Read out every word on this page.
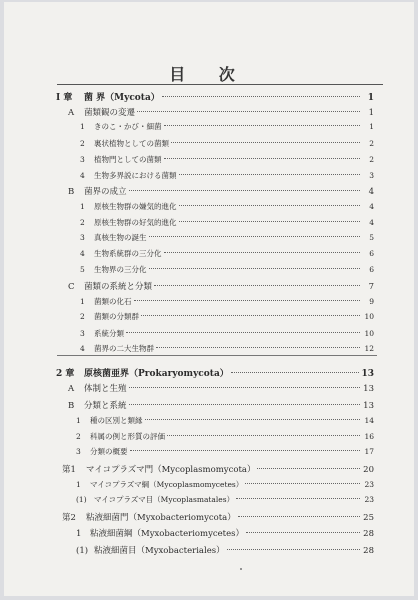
目 次
I 章	菌 界（Mycota）	1
A	菌類観の変遷	1
1	きのこ・かび・細菌	1
2	裏状植物としての菌類	2
3	植物門としての菌類	2
4	生物多界説における菌類	3
B	菌界の成立	4
1	原核生物群の嫌気的進化	4
2	原核生物群の好気的進化	4
3	真核生物の誕生	5
4	生物系統群の三分化	6
5	生物界の三分化	6
C	菌類の系統と分類	7
1	菌類の化石	9
2	菌類の分類群	10
3	系統分類	10
4	菌界の二大生物群	12
2 章	原核菌亜界（Prokaryomycota）	13
A	体制と生殖	13
B	分類と系統	13
1	種の区別と類縁	14
2	科属の例と形質の評価	16
3	分類の概要	17
第1	マイコプラズマ門（Mycoplasmomycota）	20
1	マイコプラズマ綱（Mycoplasmomycetes）	23
(1) マイコプラズマ目（Mycoplasmatales）	23
第2	粘液細菌門（Myxobacteriomycota）	25
1	粘液細菌綱（Myxobacteriomycetes）	28
(1) 粘液細菌目（Myxobacteriales）	28
